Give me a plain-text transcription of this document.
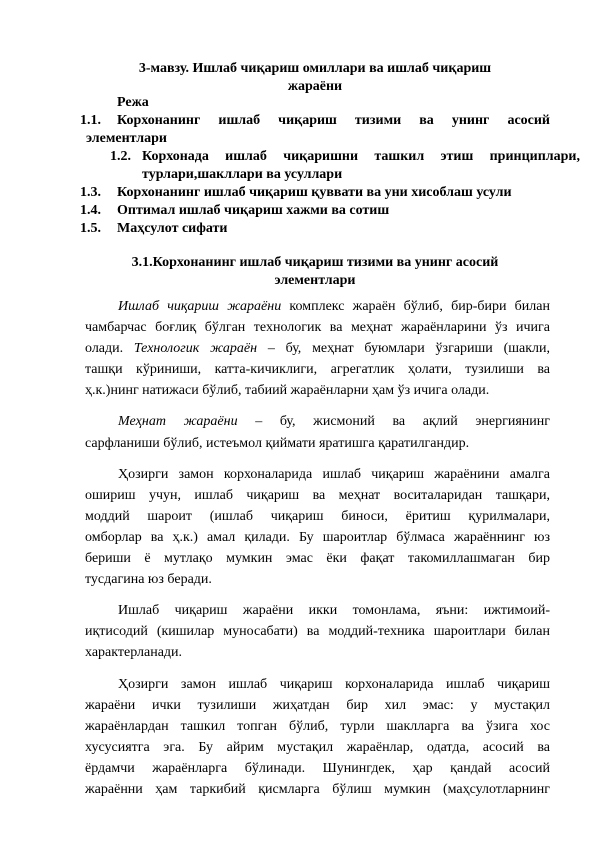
3-мавзу. Ишлаб чиқариш омиллари ва ишлаб чиқариш
жараёни
Режа
1.1.	Корхонанинг ишлаб чиқариш тизими ва унинг асосий
элементлари
1.2. Корхонада ишлаб чиқаришни ташкил этиш принциплари,
турлари,шакллари ва усуллари
1.3.	Корхонанинг ишлаб чиқариш қуввати ва уни хисоблаш усули
1.4.	Оптимал ишлаб чиқариш хажми ва сотиш
1.5.	Маҳсулот сифати
3.1.Корхонанинг ишлаб чиқариш тизими ва унинг асосий
элементлари
Ишлаб чиқариш жараёни комплекс жараён бўлиб, бир-бири билан
чамбарчас боғлиқ бўлган технологик ва меҳнат жараёнларини ўз ичига
олади. Технологик жараён – бу, меҳнат буюмлари ўзгариши (шакли,
ташқи кўриниши, катта-кичиклиги, агрегатлик ҳолати, тузилиши ва
ҳ.к.)нинг натижаси бўлиб, табиий жараёнларни ҳам ўз ичига олади.
Меҳнат жараёни – бу, жисмоний ва ақлий энергиянинг
сарфланиши бўлиб, истеъмол қиймати яратишга қаратилгандир.
Ҳозирги замон корхоналарида ишлаб чиқариш жараёнини амалга
ошириш учун, ишлаб чиқариш ва меҳнат воситаларидан ташқари,
моддий шароит (ишлаб чиқариш биноси, ёритиш қурилмалари,
омборлар ва ҳ.к.) амал қилади. Бу шароитлар бўлмаса жараённинг юз
бериши ё мутлақо мумкин эмас ёки фақат такомиллашмаган бир
тусдагина юз беради.
Ишлаб чиқариш жараёни икки томонлама, яъни: ижтимоий-
иқтисодий (кишилар муносабати) ва моддий-техника шароитлари билан
характерланади.
Ҳозирги замон ишлаб чиқариш корхоналарида ишлаб чиқариш
жараёни ички тузилиши жиҳатдан бир хил эмас: у мустақил
жараёнлардан ташкил топган бўлиб, турли шаклларга ва ўзига хос
хусусиятга эга. Бу айрим мустақил жараёнлар, одатда, асосий ва
ёрдамчи жараёнларга бўлинади. Шунингдек, ҳар қандай асосий
жараённи ҳам таркибий қисмларга бўлиш мумкин (маҳсулотларнинг
